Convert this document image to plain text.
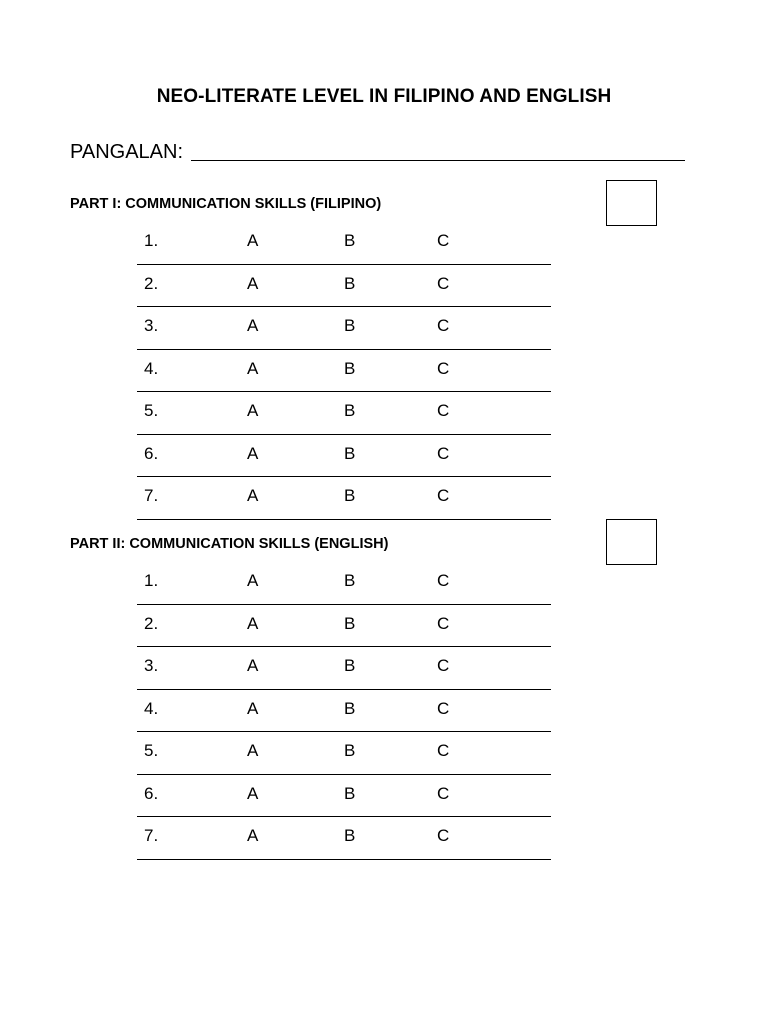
NEO-LITERATE LEVEL IN FILIPINO AND ENGLISH
PANGALAN:
PART I: COMMUNICATION SKILLS (FILIPINO)
1.	A	B	C
2.	A	B	C
3.	A	B	C
4.	A	B	C
5.	A	B	C
6.	A	B	C
7.	A	B	C
PART II: COMMUNICATION SKILLS (ENGLISH)
1.	A	B	C
2.	A	B	C
3.	A	B	C
4.	A	B	C
5.	A	B	C
6.	A	B	C
7.	A	B	C
